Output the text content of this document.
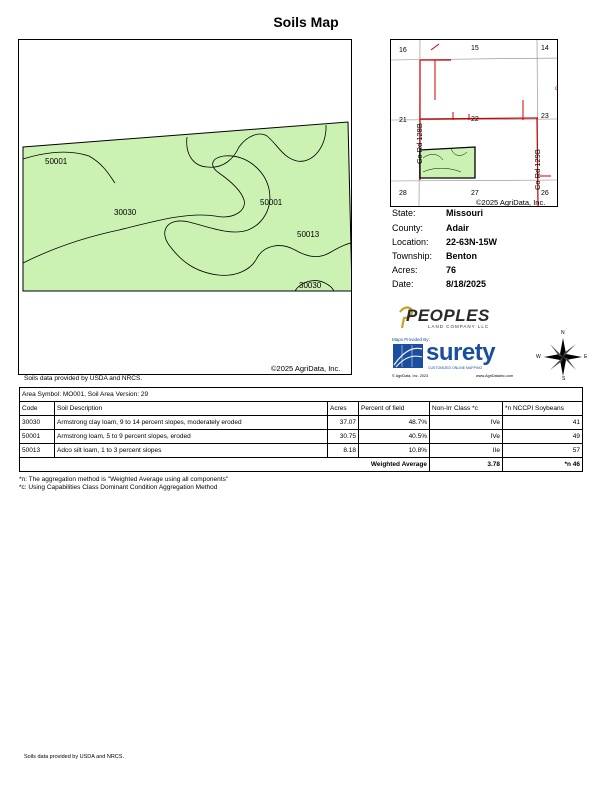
Soils Map
50001
30030
50001
50013
30030
©2025 AgriData, Inc.
c
16	15	14
21	22	23
28	27	26
Co Rd 128B
Co Rd 129B
©2025 AgriData, Inc.
State:	Missouri
County:	Adair
Location: 22-63N-15W
Township: Benton
Acres:	76
Date:	8/18/2025
PEOPLES
LAND COMPANY LLC
Maps Provided By:
surety
CUSTOMIZED ONLINE MAPPING
© AgriData, Inc. 2023	www.AgriDataInc.com
N
S
W	E
Soils data provided by USDA and NRCS.
Area Symbol: MO001, Soil Area Version: 29					
Code	Soil Description	Acres	Percent of field	Non-Irr Class *c	*n NCCPI Soybeans
30030	Armstrong clay loam, 9 to 14 percent slopes, moderately eroded	37.07	48.7%	IVe	41
50001	Armstrong loam, 5 to 9 percent slopes, eroded	30.75	40.5%	IVe	49
50013	Adco silt loam, 1 to 3 percent slopes	8.18	10.8%	IIe	57
Weighted Average				3.78	*n 46
*n: The aggregation method is "Weighted Average using all components"
*c: Using Capabilities Class Dominant Condition Aggregation Method
Soils data provided by USDA and NRCS.
